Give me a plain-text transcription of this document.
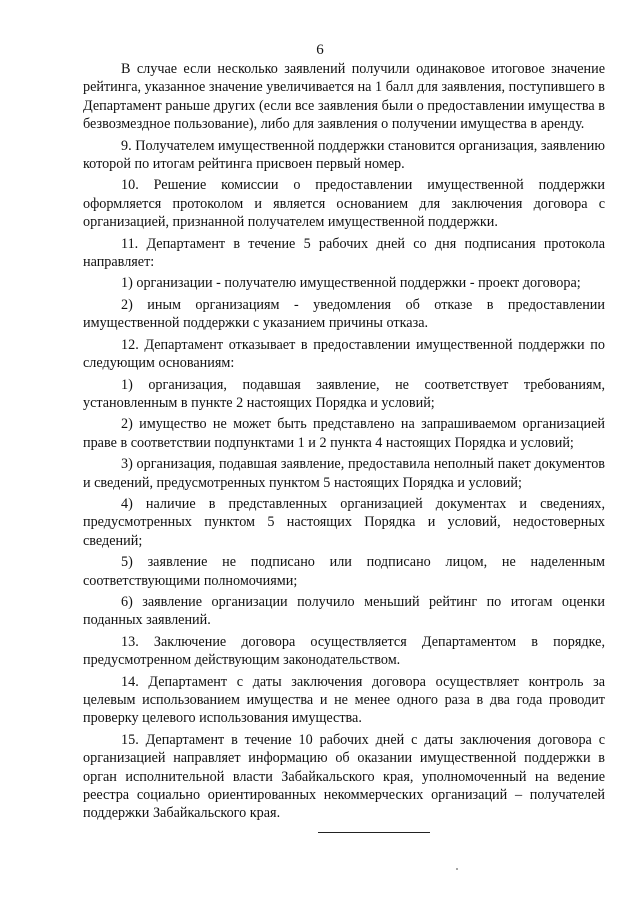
6

В случае если несколько заявлений получили одинаковое итоговое значение рейтинга, указанное значение увеличивается на 1 балл для заявления, поступившего в Департамент раньше других (если все заявления были о предоставлении имущества в безвозмездное пользование), либо для заявления о получении имущества в аренду.

9. Получателем имущественной поддержки становится организация, заявлению которой по итогам рейтинга присвоен первый номер.

10. Решение комиссии о предоставлении имущественной поддержки оформляется протоколом и является основанием для заключения договора с организацией, признанной получателем имущественной поддержки.

11. Департамент в течение 5 рабочих дней со дня подписания протокола направляет:

1) организации - получателю имущественной поддержки - проект договора;

2) иным организациям - уведомления об отказе в предоставлении имущественной поддержки с указанием причины отказа.

12. Департамент отказывает в предоставлении имущественной поддержки по следующим основаниям:

1) организация, подавшая заявление, не соответствует требованиям, установленным в пункте 2 настоящих Порядка и условий;

2) имущество не может быть представлено на запрашиваемом организацией праве в соответствии подпунктами 1 и 2 пункта 4 настоящих Порядка и условий;

3) организация, подавшая заявление, предоставила неполный пакет документов и сведений, предусмотренных пунктом 5 настоящих Порядка и условий;

4) наличие в представленных организацией документах и сведениях, предусмотренных пунктом 5 настоящих Порядка и условий, недостоверных сведений;

5) заявление не подписано или подписано лицом, не наделенным соответствующими полномочиями;

6) заявление организации получило меньший рейтинг по итогам оценки поданных заявлений.

13. Заключение договора осуществляется Департаментом в порядке, предусмотренном действующим законодательством.

14. Департамент с даты заключения договора осуществляет контроль за целевым использованием имущества и не менее одного раза в два года проводит проверку целевого использования имущества.

15. Департамент в течение 10 рабочих дней с даты заключения договора с организацией направляет информацию об оказании имущественной поддержки в орган исполнительной власти Забайкальского края, уполномоченный на ведение реестра социально ориентированных некоммерческих организаций – получателей поддержки Забайкальского края.
